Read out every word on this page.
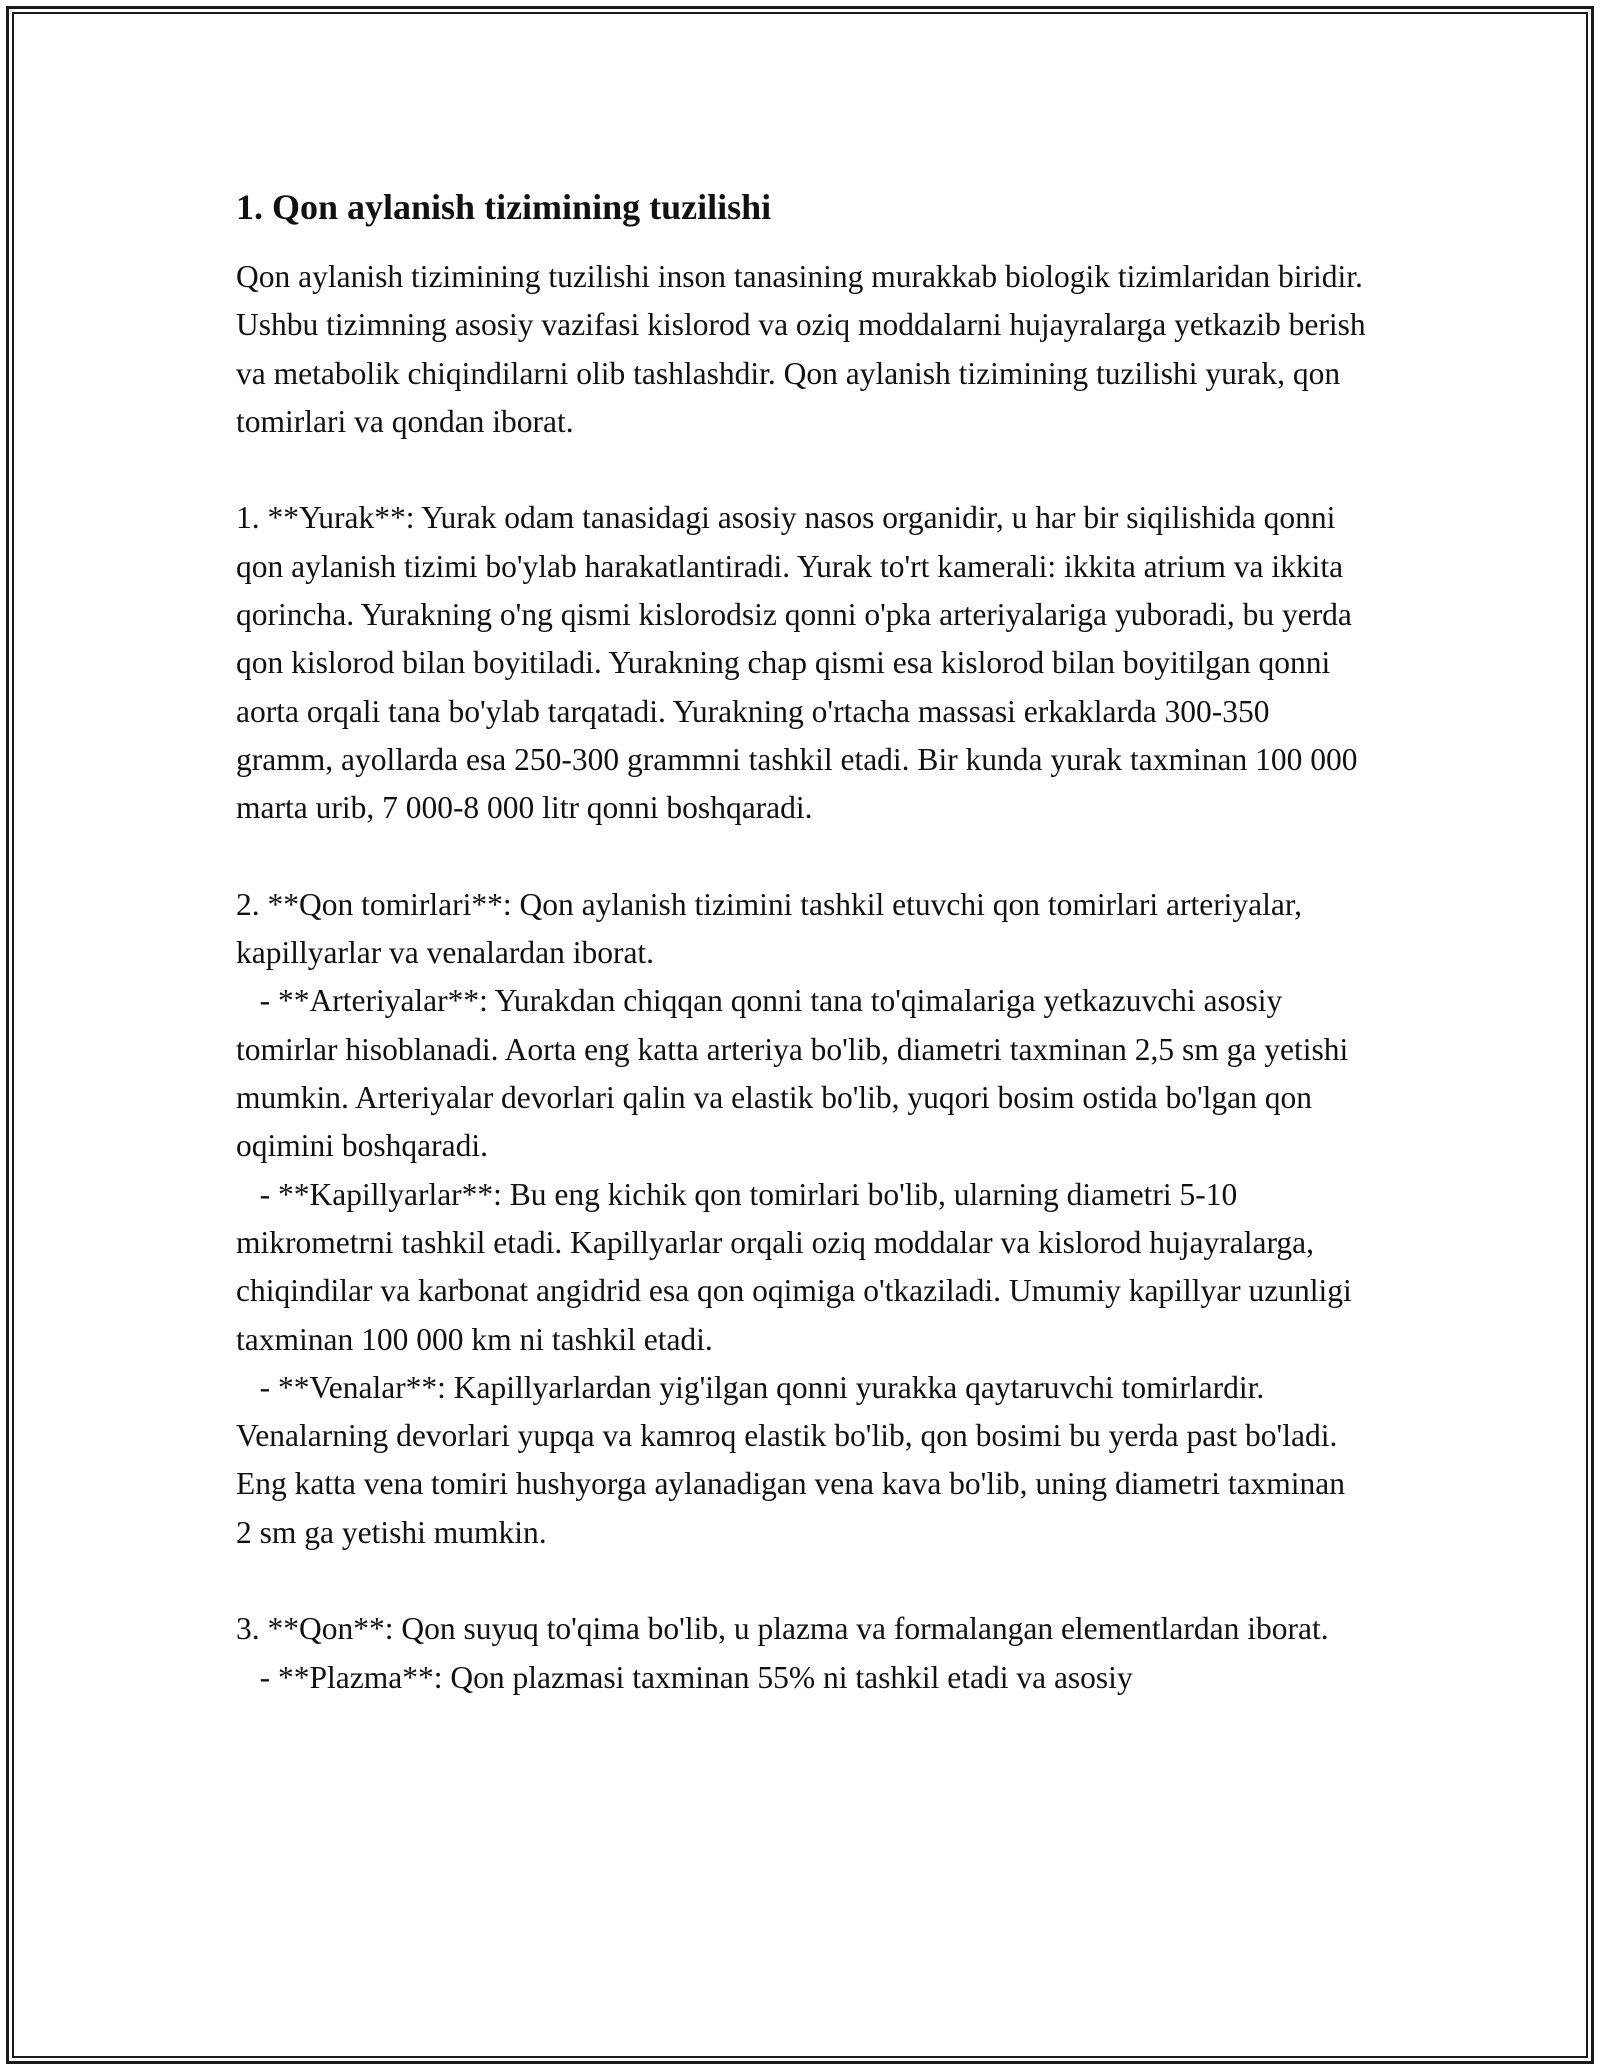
1. Qon aylanish tizimining tuzilishi

Qon aylanish tizimining tuzilishi inson tanasining murakkab biologik tizimlaridan biridir. Ushbu tizimning asosiy vazifasi kislorod va oziq moddalarni hujayralarga yetkazib berish va metabolik chiqindilarni olib tashlashdir. Qon aylanish tizimining tuzilishi yurak, qon tomirlari va qondan iborat.

1. **Yurak**: Yurak odam tanasidagi asosiy nasos organidir, u har bir siqilishida qonni qon aylanish tizimi bo'ylab harakatlantiradi. Yurak to'rt kamerali: ikkita atrium va ikkita qorincha. Yurakning o'ng qismi kislorodsiz qonni o'pka arteriyalariga yuboradi, bu yerda qon kislorod bilan boyitiladi. Yurakning chap qismi esa kislorod bilan boyitilgan qonni aorta orqali tana bo'ylab tarqatadi. Yurakning o'rtacha massasi erkaklarda 300-350 gramm, ayollarda esa 250-300 grammni tashkil etadi. Bir kunda yurak taxminan 100 000 marta urib, 7 000-8 000 litr qonni boshqaradi.

2. **Qon tomirlari**: Qon aylanish tizimini tashkil etuvchi qon tomirlari arteriyalar, kapillyarlar va venalardan iborat.
- **Arteriyalar**: Yurakdan chiqqan qonni tana to'qimalariga yetkazuvchi asosiy tomirlar hisoblanadi. Aorta eng katta arteriya bo'lib, diametri taxminan 2,5 sm ga yetishi mumkin. Arteriyalar devorlari qalin va elastik bo'lib, yuqori bosim ostida bo'lgan qon oqimini boshqaradi.
- **Kapillyarlar**: Bu eng kichik qon tomirlari bo'lib, ularning diametri 5-10 mikrometrni tashkil etadi. Kapillyarlar orqali oziq moddalar va kislorod hujayralarga, chiqindilar va karbonat angidrid esa qon oqimiga o'tkaziladi. Umumiy kapillyar uzunligi taxminan 100 000 km ni tashkil etadi.
- **Venalar**: Kapillyarlardan yig'ilgan qonni yurakka qaytaruvchi tomirlardir. Venalarning devorlari yupqa va kamroq elastik bo'lib, qon bosimi bu yerda past bo'ladi. Eng katta vena tomiri hushyorga aylanadigan vena kava bo'lib, uning diametri taxminan 2 sm ga yetishi mumkin.

3. **Qon**: Qon suyuq to'qima bo'lib, u plazma va formalangan elementlardan iborat.
- **Plazma**: Qon plazmasi taxminan 55% ni tashkil etadi va asosiy
